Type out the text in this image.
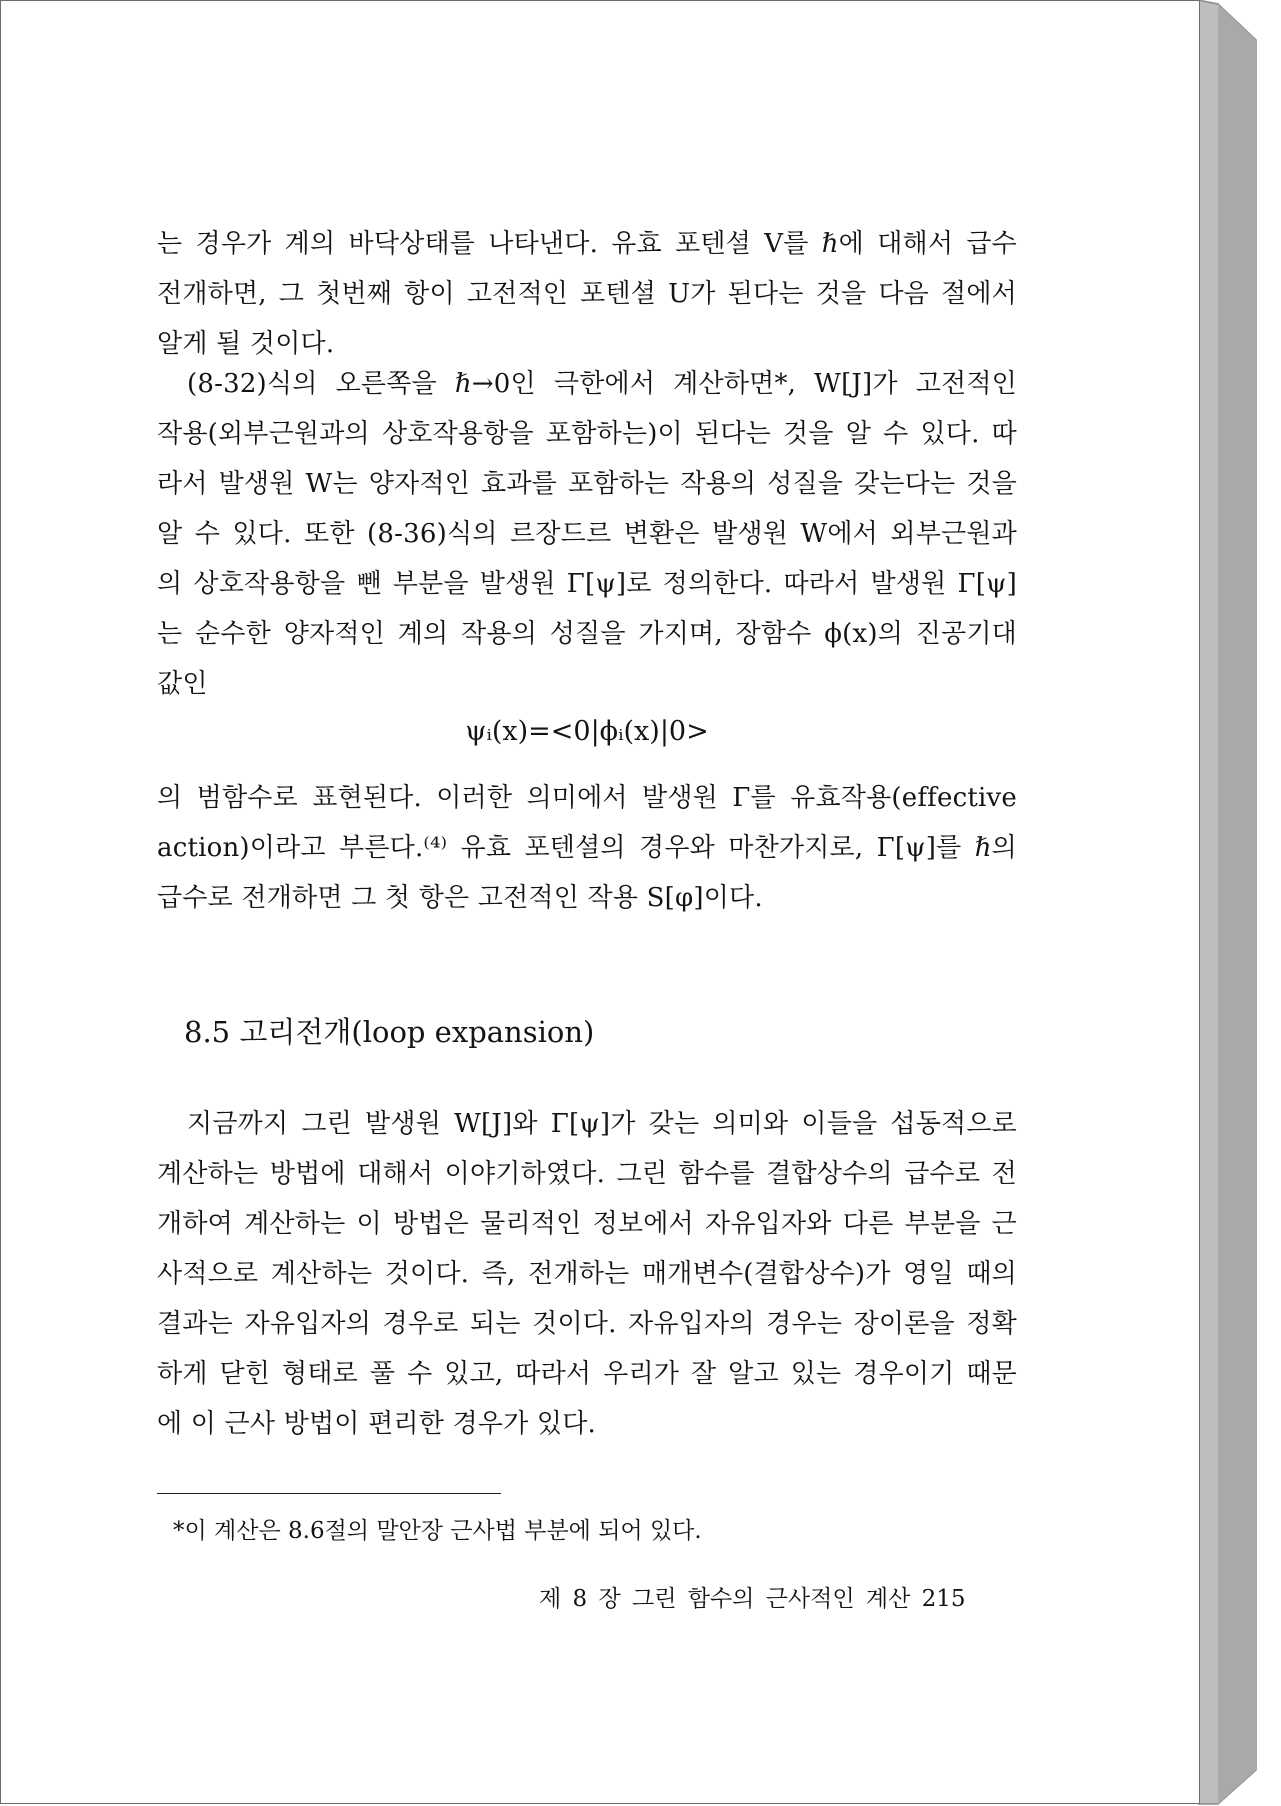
는 경우가 계의 바닥상태를 나타낸다. 유효 포텐셜 V를 ℏ에 대해서 급수
전개하면, 그 첫번째 항이 고전적인 포텐셜 U가 된다는 것을 다음 절에서
알게 될 것이다.
(8-32)식의 오른쪽을 ℏ→0인 극한에서 계산하면*, W[J]가 고전적인
작용(외부근원과의 상호작용항을 포함하는)이 된다는 것을 알 수 있다. 따
라서 발생원 W는 양자적인 효과를 포함하는 작용의 성질을 갖는다는 것을
알 수 있다. 또한 (8-36)식의 르장드르 변환은 발생원 W에서 외부근원과
의 상호작용항을 뺀 부분을 발생원 Γ[ψ]로 정의한다. 따라서 발생원 Γ[ψ]
는 순수한 양자적인 계의 작용의 성질을 가지며, 장함수 ϕ(x)의 진공기대
값인
ψᵢ(x)=<0|ϕᵢ(x)|0>
의 범함수로 표현된다. 이러한 의미에서 발생원 Γ를 유효작용(effective
action)이라고 부른다.⁽⁴⁾ 유효 포텐셜의 경우와 마찬가지로, Γ[ψ]를 ℏ의
급수로 전개하면 그 첫 항은 고전적인 작용 S[φ]이다.
8.5 고리전개(loop expansion)
지금까지 그린 발생원 W[J]와 Γ[ψ]가 갖는 의미와 이들을 섭동적으로
계산하는 방법에 대해서 이야기하였다. 그린 함수를 결합상수의 급수로 전
개하여 계산하는 이 방법은 물리적인 정보에서 자유입자와 다른 부분을 근
사적으로 계산하는 것이다. 즉, 전개하는 매개변수(결합상수)가 영일 때의
결과는 자유입자의 경우로 되는 것이다. 자유입자의 경우는 장이론을 정확
하게 닫힌 형태로 풀 수 있고, 따라서 우리가 잘 알고 있는 경우이기 때문
에 이 근사 방법이 편리한 경우가 있다.
*이 계산은 8.6절의 말안장 근사법 부분에 되어 있다.
제 8 장 그린 함수의 근사적인 계산 215
